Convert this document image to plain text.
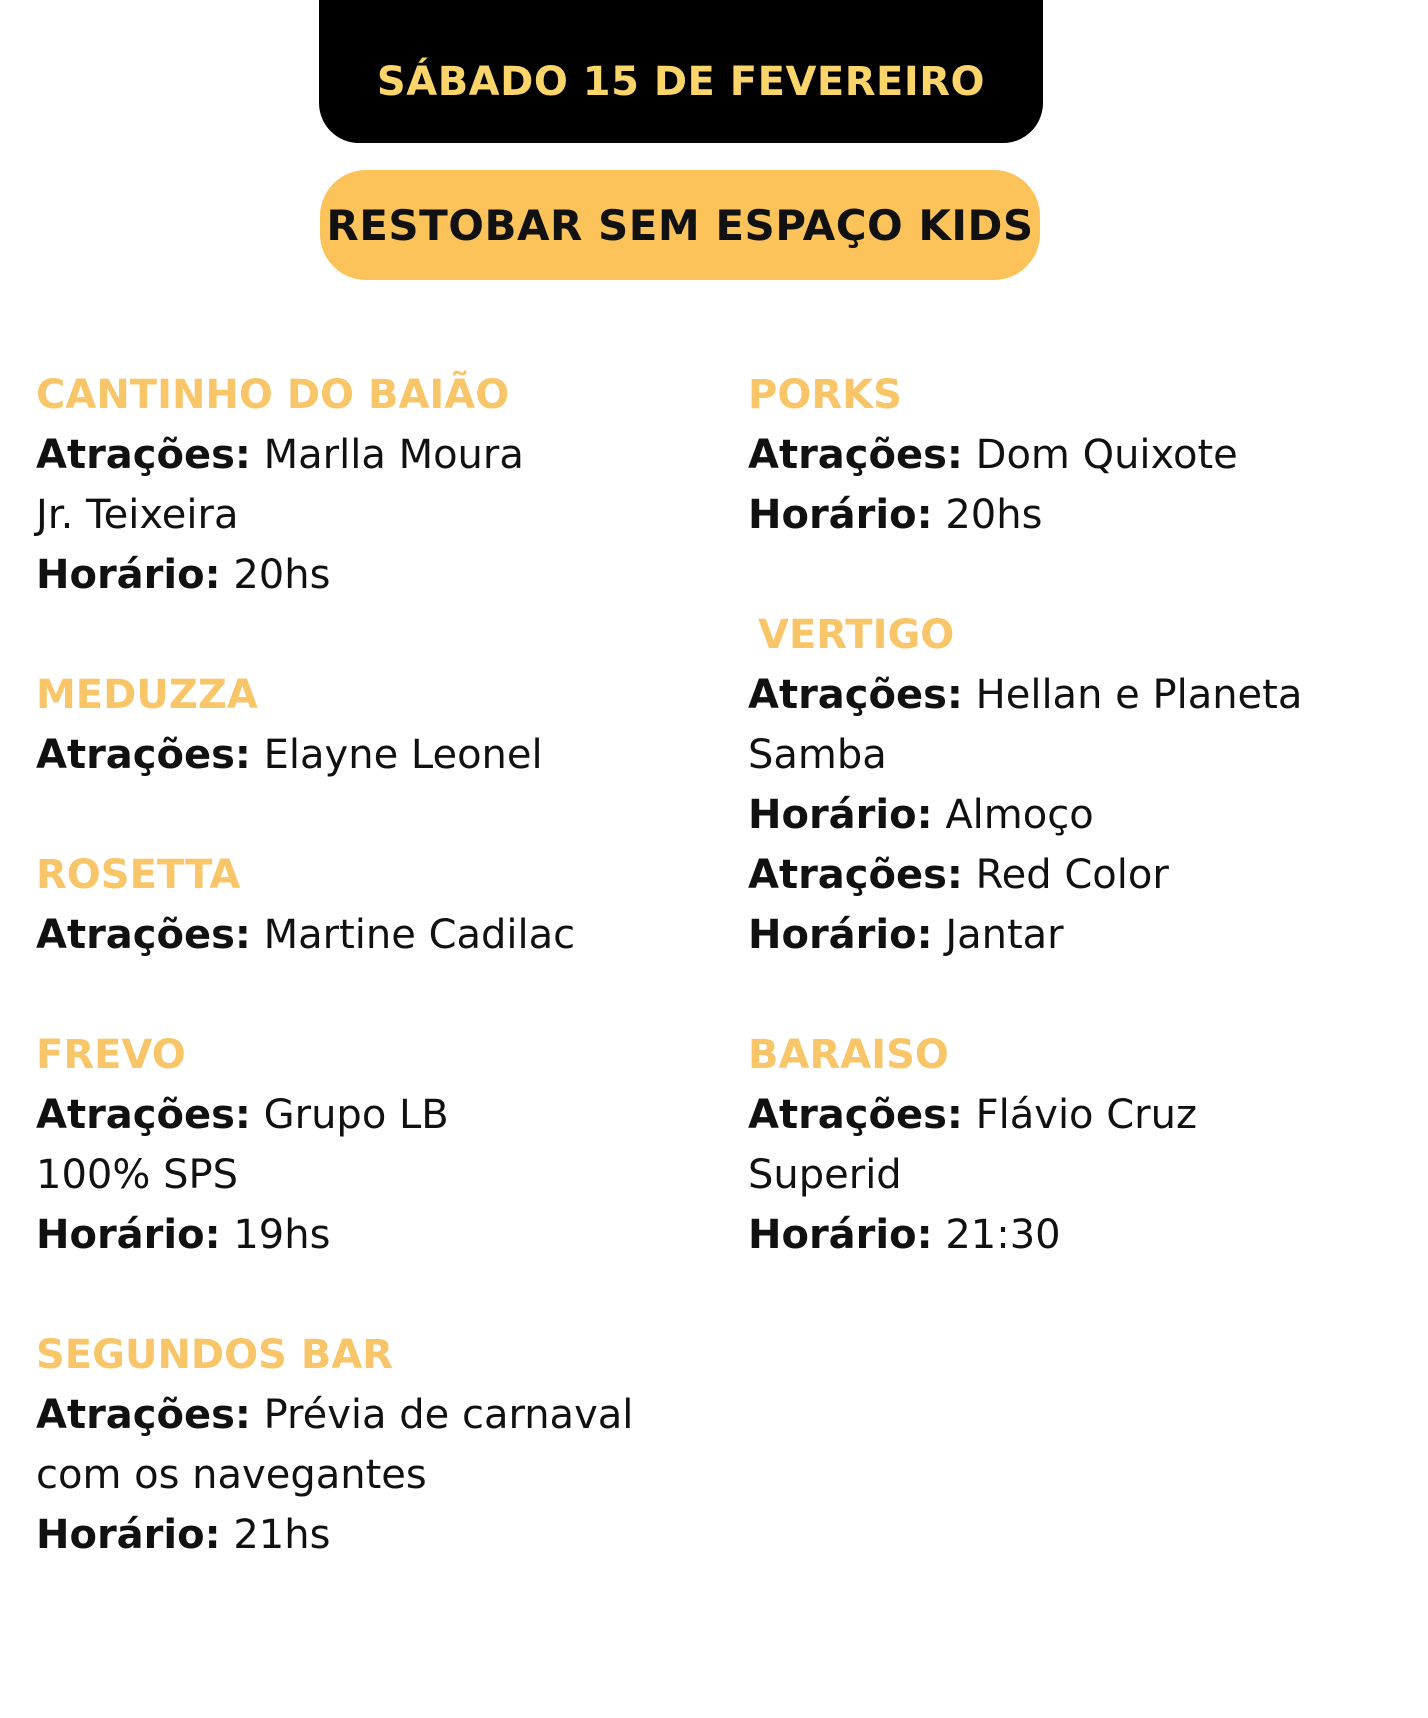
SÁBADO 15 DE FEVEREIRO
RESTOBAR SEM ESPAÇO KIDS
CANTINHO DO BAIÃO
Atrações: Marlla Moura
Jr. Teixeira
Horário: 20hs
MEDUZZA
Atrações: Elayne Leonel
ROSETTA
Atrações: Martine Cadilac
FREVO
Atrações: Grupo LB
100% SPS
Horário: 19hs
SEGUNDOS BAR
Atrações: Prévia de carnaval
com os navegantes
Horário: 21hs
PORKS
Atrações: Dom Quixote
Horário: 20hs
VERTIGO
Atrações: Hellan e Planeta
Samba
Horário: Almoço
Atrações: Red Color
Horário: Jantar
BARAISO
Atrações: Flávio Cruz
Superid
Horário: 21:30
